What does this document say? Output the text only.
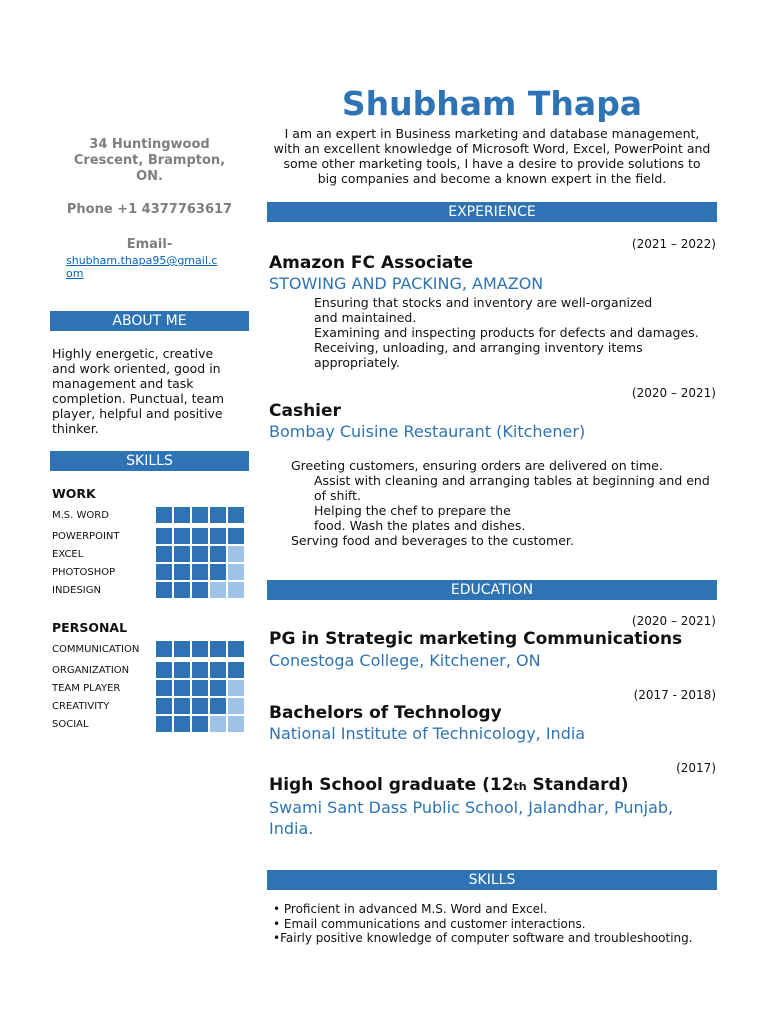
Shubham Thapa
I am an expert in Business marketing and database management,
with an excellent knowledge of Microsoft Word, Excel, PowerPoint and
some other marketing tools, I have a desire to provide solutions to
big companies and become a known expert in the field.
34 Huntingwood
Crescent, Brampton,
ON.
Phone +1 4377763617
Email-
shubham.thapa95@gmail.c
om
ABOUT ME
Highly energetic, creative
and work oriented, good in
management and task
completion. Punctual, team
player, helpful and positive
thinker.
SKILLS
WORK
M.S. WORD
POWERPOINT
EXCEL
PHOTOSHOP
INDESIGN
PERSONAL
COMMUNICATION
ORGANIZATION
TEAM PLAYER
CREATIVITY
SOCIAL
EXPERIENCE
(2021 – 2022)
Amazon FC Associate
STOWING AND PACKING, AMAZON
Ensuring that stocks and inventory are well-organized
and maintained.
Examining and inspecting products for defects and damages.
Receiving, unloading, and arranging inventory items
appropriately.
(2020 – 2021)
Cashier
Bombay Cuisine Restaurant (Kitchener)
Greeting customers, ensuring orders are delivered on time.
Assist with cleaning and arranging tables at beginning and end
of shift.
Helping the chef to prepare the
food. Wash the plates and dishes.
Serving food and beverages to the customer.
EDUCATION
(2020 – 2021)
PG in Strategic marketing Communications
Conestoga College, Kitchener, ON
(2017 - 2018)
Bachelors of Technology
National Institute of Technicology, India
(2017)
High School graduate (12th Standard)
Swami Sant Dass Public School, Jalandhar, Punjab,
India.
SKILLS
• Proficient in advanced M.S. Word and Excel.
• Email communications and customer interactions.
•Fairly positive knowledge of computer software and troubleshooting.
